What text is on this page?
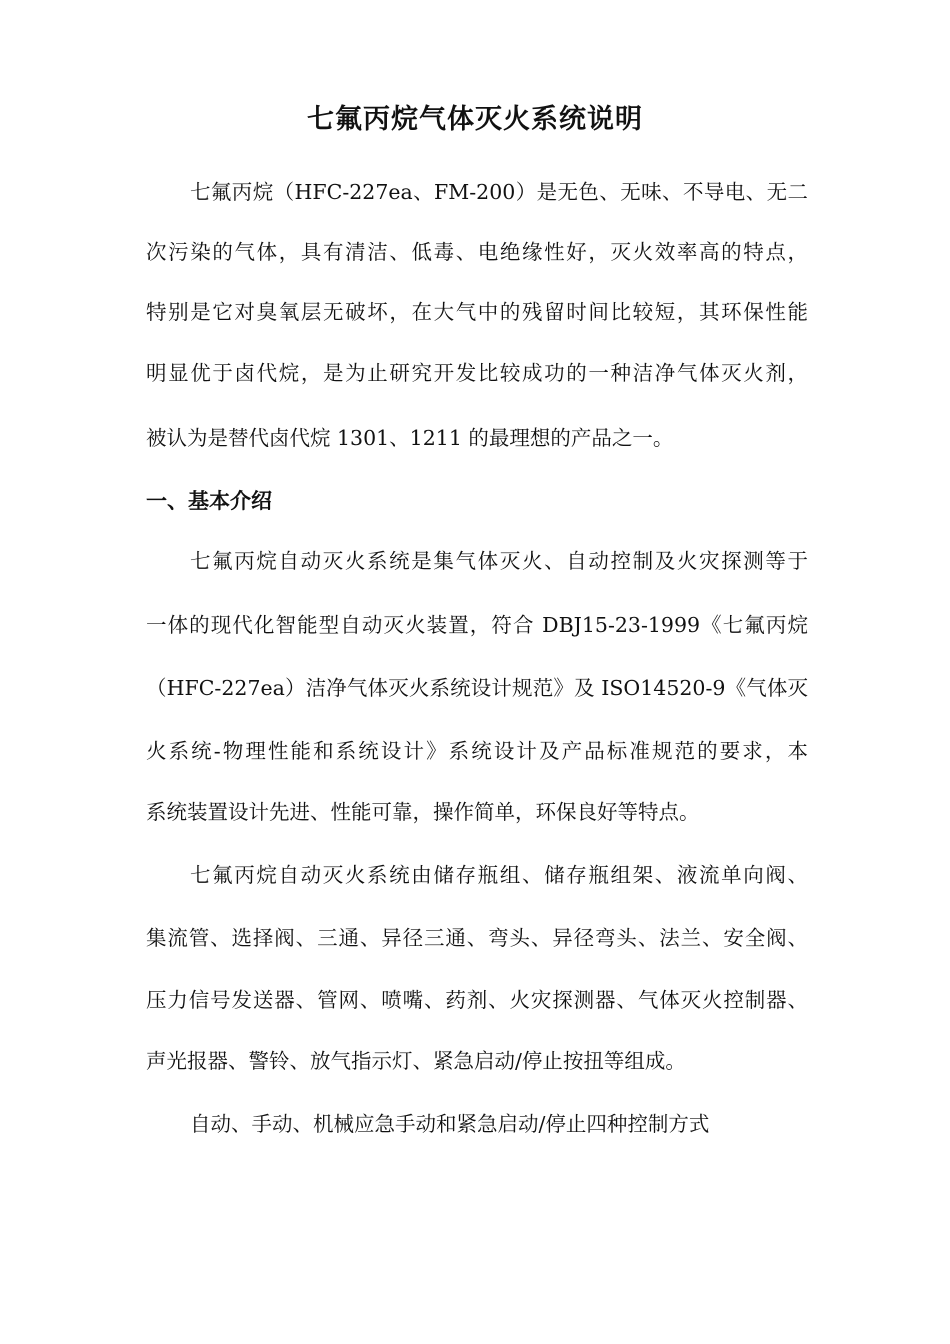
七氟丙烷气体灭火系统说明
七氟丙烷（HFC-227ea、FM-200）是无色、无味、不导电、无二
次污染的气体，具有清洁、低毒、电绝缘性好，灭火效率高的特点，
特别是它对臭氧层无破坏，在大气中的残留时间比较短，其环保性能
明显优于卤代烷，是为止研究开发比较成功的一种洁净气体灭火剂，
被认为是替代卤代烷 1301、1211 的最理想的产品之一。
一、基本介绍
七氟丙烷自动灭火系统是集气体灭火、自动控制及火灾探测等于
一体的现代化智能型自动灭火装置，符合 DBJ15-23-1999《七氟丙烷
（HFC-227ea）洁净气体灭火系统设计规范》及 ISO14520-9《气体灭
火系统-物理性能和系统设计》系统设计及产品标准规范的要求，本
系统装置设计先进、性能可靠，操作简单，环保良好等特点。
七氟丙烷自动灭火系统由储存瓶组、储存瓶组架、液流单向阀、
集流管、选择阀、三通、异径三通、弯头、异径弯头、法兰、安全阀、
压力信号发送器、管网、喷嘴、药剂、火灾探测器、气体灭火控制器、
声光报器、警铃、放气指示灯、紧急启动/停止按扭等组成。
自动、手动、机械应急手动和紧急启动/停止四种控制方式
